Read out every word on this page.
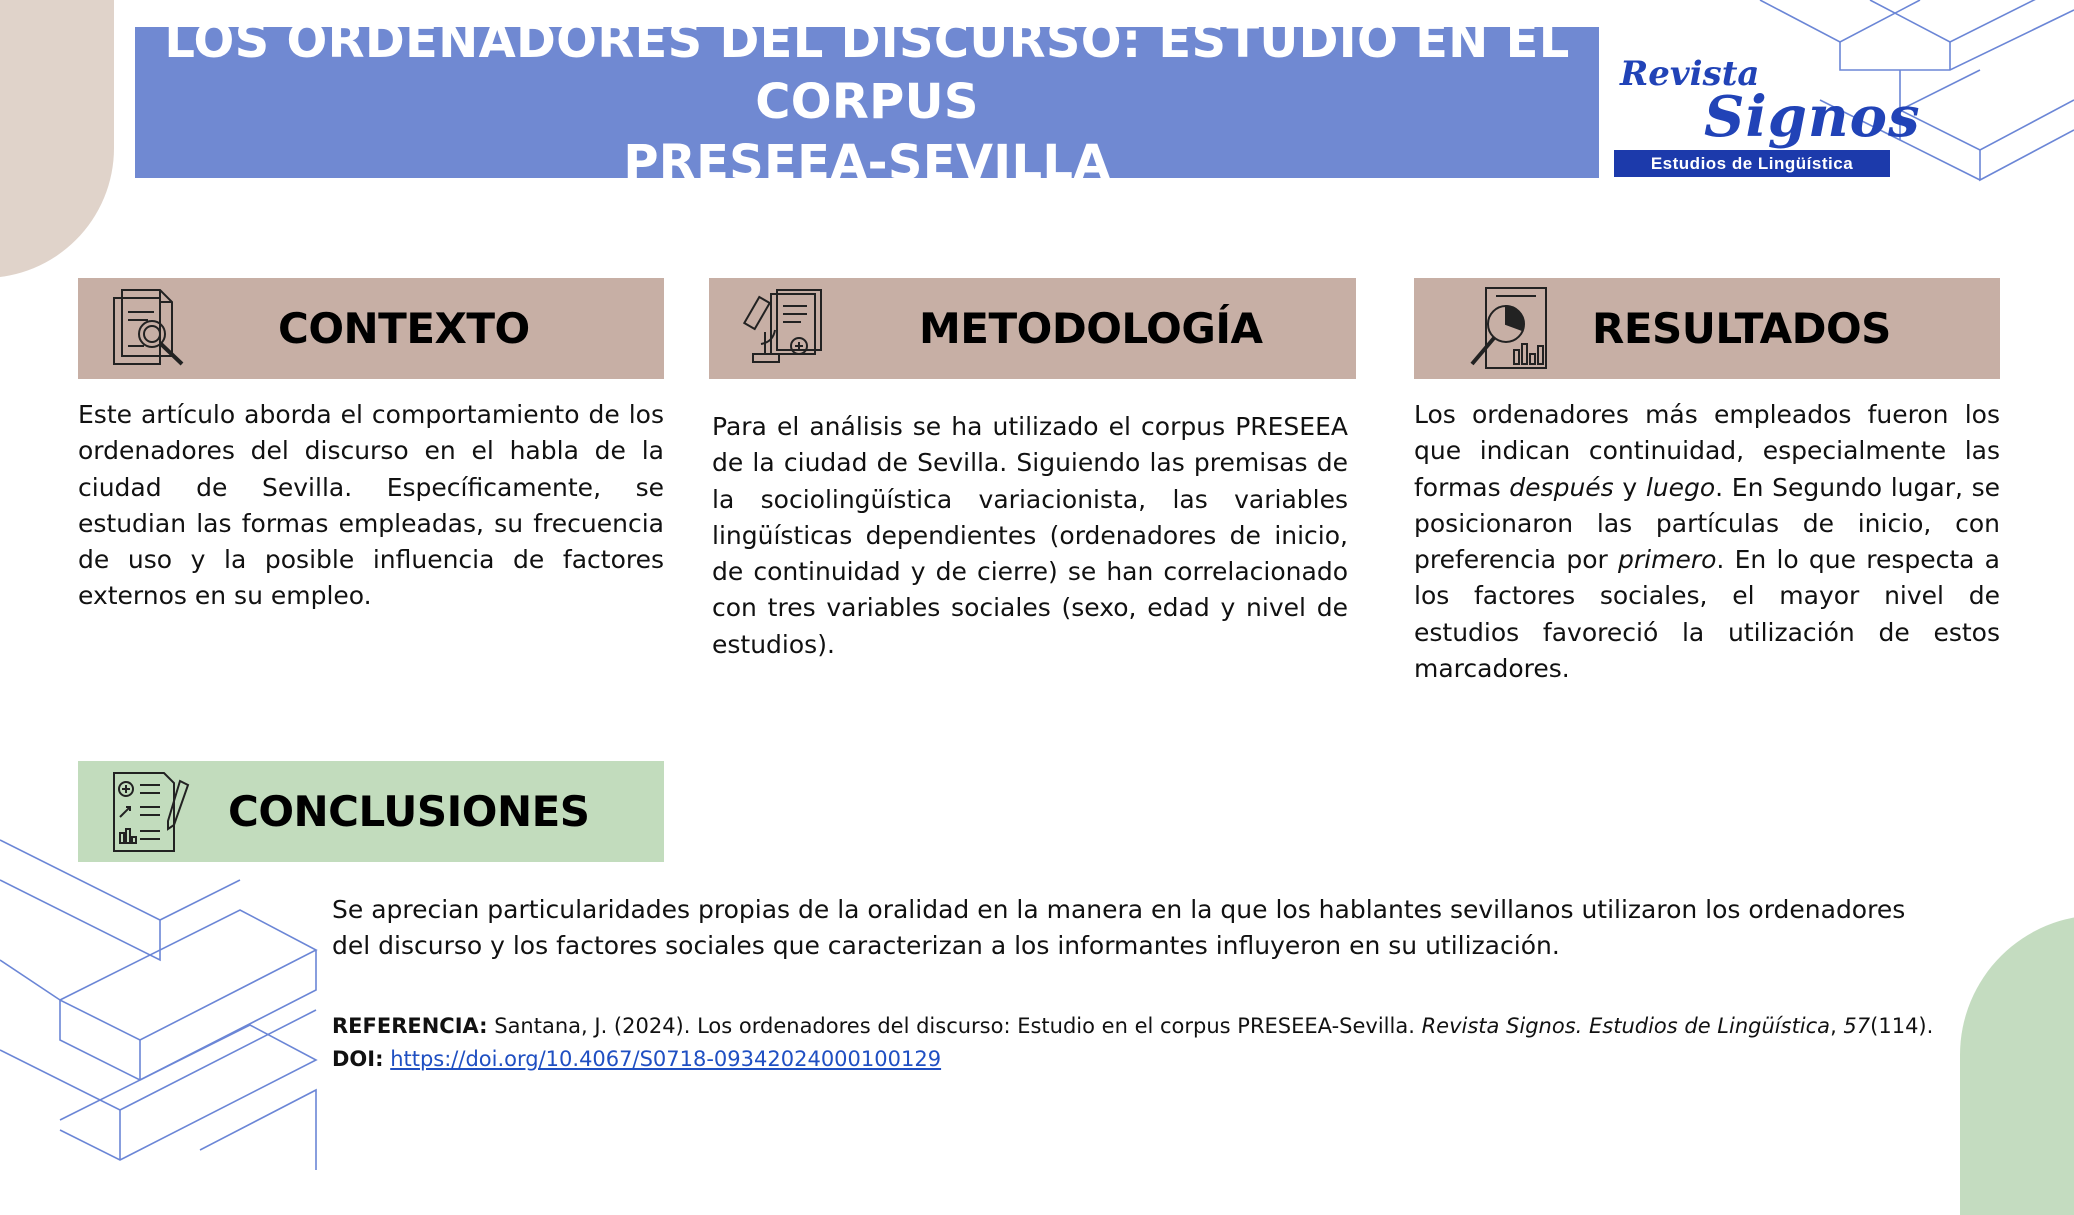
LOS ORDENADORES DEL DISCURSO: ESTUDIO EN EL CORPUS
PRESEEA-SEVILLA
Revista
Signos
Estudios de Lingüística
CONTEXTO
Este artículo aborda el comportamiento de los ordenadores del discurso en el habla de la ciudad de Sevilla. Específicamente, se estudian las formas empleadas, su frecuencia de uso y la posible influencia de factores externos en su empleo.
METODOLOGÍA
Para el análisis se ha utilizado el corpus PRESEEA de la ciudad de Sevilla. Siguiendo las premisas de la sociolingüística variacionista, las variables lingüísticas dependientes (ordenadores de inicio, de continuidad y de cierre) se han correlacionado con tres variables sociales (sexo, edad y nivel de estudios).
RESULTADOS
Los ordenadores más empleados fueron los que indican continuidad, especialmente las formas después y luego. En Segundo lugar, se posicionaron las partículas de inicio, con preferencia por primero. En lo que respecta a los factores sociales, el mayor nivel de estudios favoreció la utilización de estos marcadores.
CONCLUSIONES
Se aprecian particularidades propias de la oralidad en la manera en la que los hablantes sevillanos utilizaron los ordenadores del discurso y los factores sociales que caracterizan a los informantes influyeron en su utilización.
REFERENCIA: Santana, J. (2024). Los ordenadores del discurso: Estudio en el corpus PRESEEA-Sevilla. Revista Signos. Estudios de Lingüística, 57(114).
DOI: https://doi.org/10.4067/S0718-09342024000100129
